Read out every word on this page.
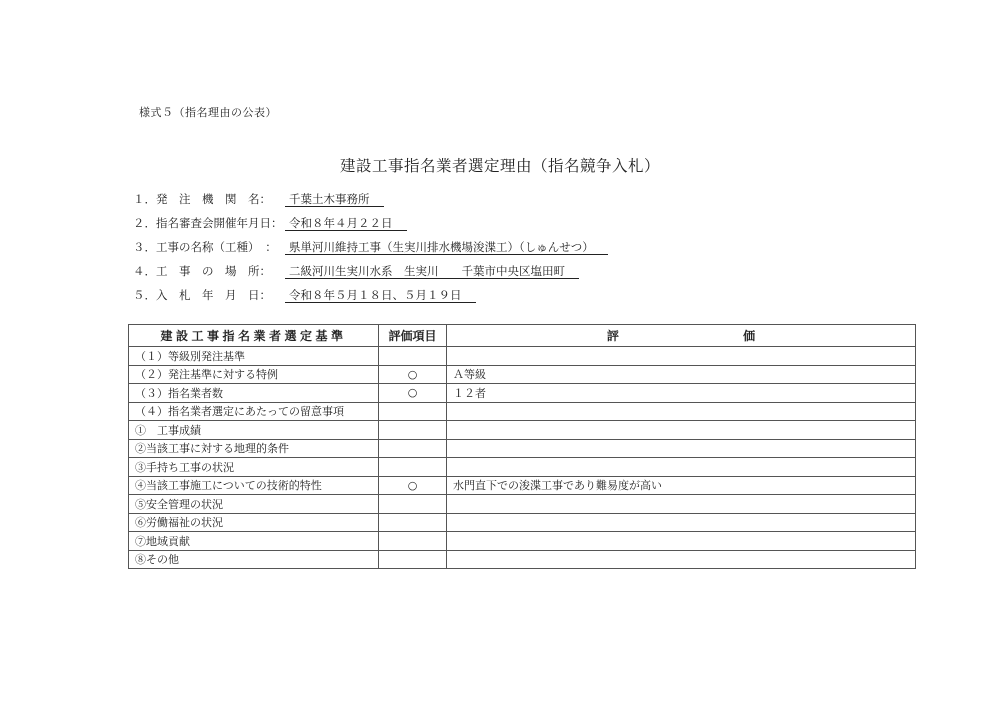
様式５（指名理由の公表）
建設工事指名業者選定理由（指名競争入札）
１．発　注　機　関　名： 千葉土木事務所
２．指名審査会開催年月日： 令和８年４月２２日
３．工事の名称（工種）　： 県単河川維持工事（生実川排水機場浚渫工）（しゅんせつ）
４．工　事　の　場　所： 二級河川生実川水系　生実川　　千葉市中央区塩田町
５．入　札　年　月　日： 令和８年５月１８日、５月１９日
建設工事指名業者選定基準	評価項目	評 価
（１）等級別発注基準		
（２）発注基準に対する特例	○	Ａ等級
（３）指名業者数	○	１２者
（４）指名業者選定にあたっての留意事項		
①　工事成績		
②当該工事に対する地理的条件		
③手持ち工事の状況		
④当該工事施工についての技術的特性	○	水門直下での浚渫工事であり難易度が高い
⑤安全管理の状況		
⑥労働福祉の状況		
⑦地域貢献		
⑧その他		
